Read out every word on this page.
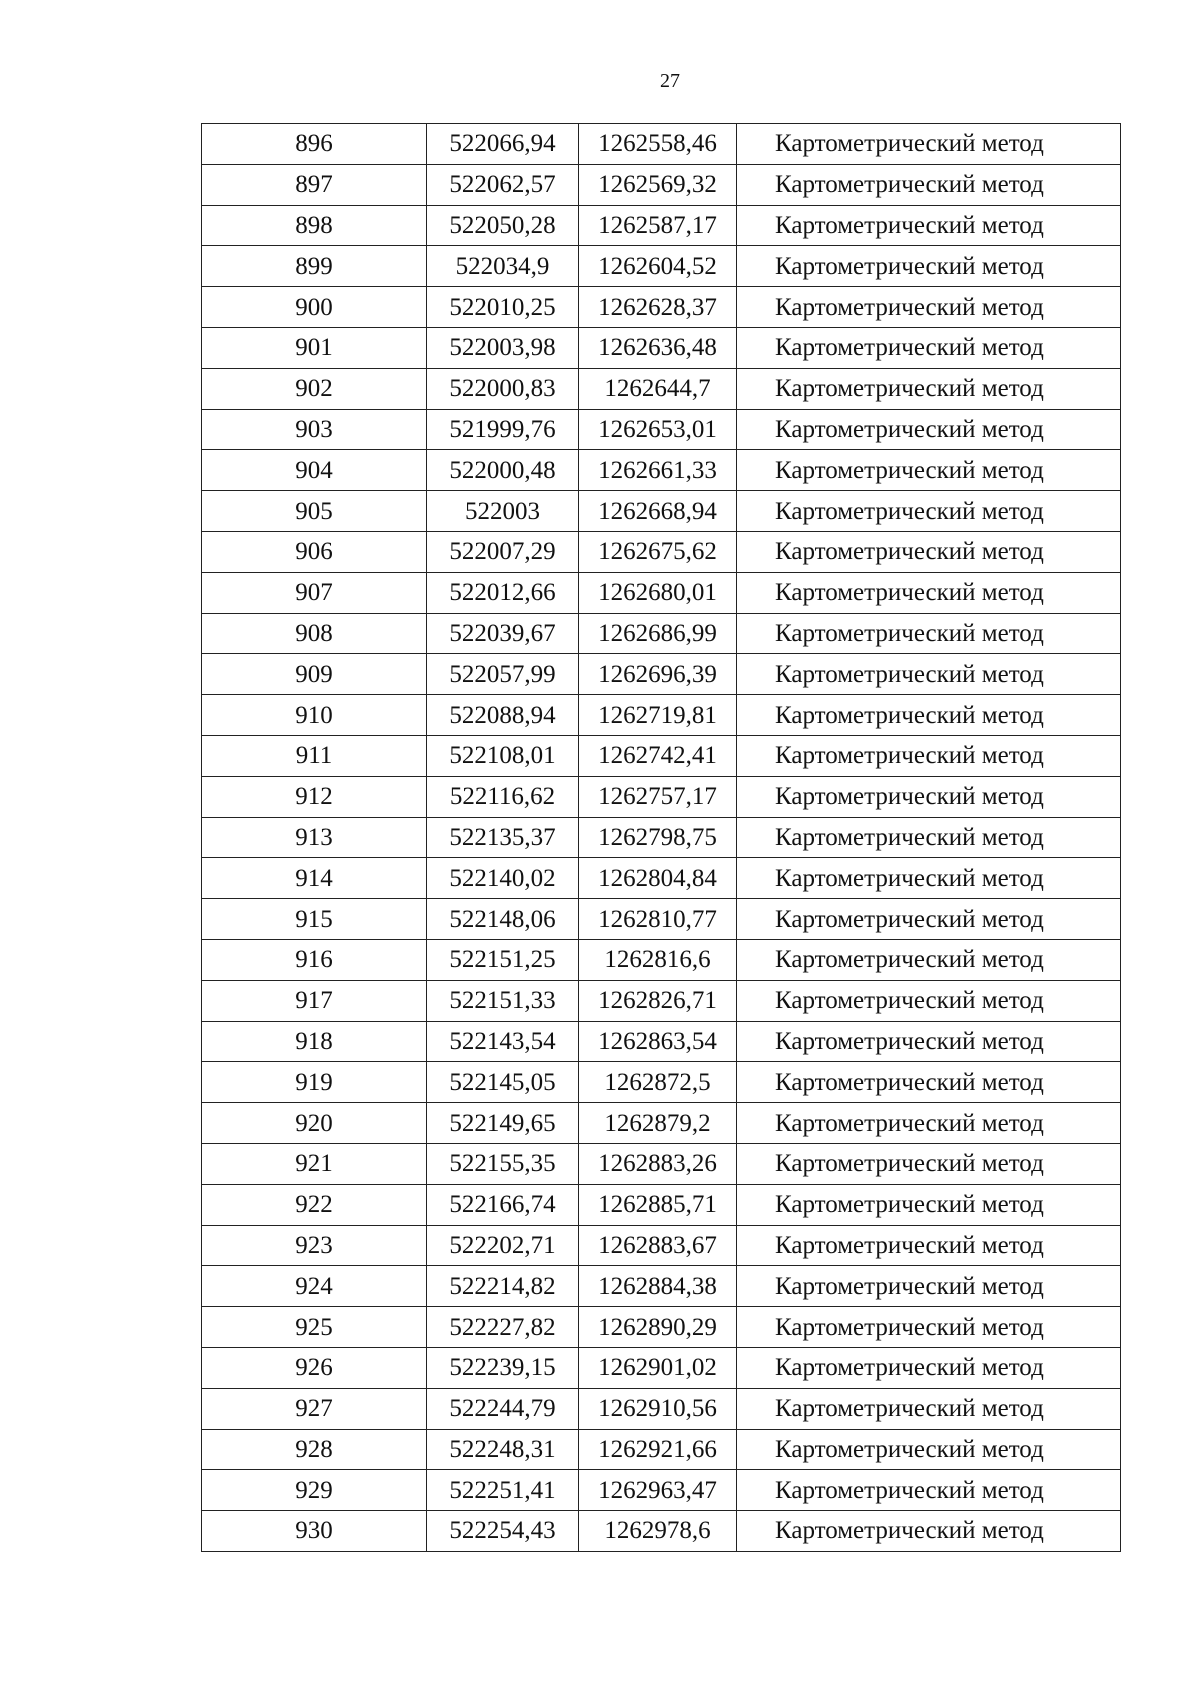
27
896	522066,94	1262558,46	Картометрический метод
897	522062,57	1262569,32	Картометрический метод
898	522050,28	1262587,17	Картометрический метод
899	522034,9	1262604,52	Картометрический метод
900	522010,25	1262628,37	Картометрический метод
901	522003,98	1262636,48	Картометрический метод
902	522000,83	1262644,7	Картометрический метод
903	521999,76	1262653,01	Картометрический метод
904	522000,48	1262661,33	Картометрический метод
905	522003	1262668,94	Картометрический метод
906	522007,29	1262675,62	Картометрический метод
907	522012,66	1262680,01	Картометрический метод
908	522039,67	1262686,99	Картометрический метод
909	522057,99	1262696,39	Картометрический метод
910	522088,94	1262719,81	Картометрический метод
911	522108,01	1262742,41	Картометрический метод
912	522116,62	1262757,17	Картометрический метод
913	522135,37	1262798,75	Картометрический метод
914	522140,02	1262804,84	Картометрический метод
915	522148,06	1262810,77	Картометрический метод
916	522151,25	1262816,6	Картометрический метод
917	522151,33	1262826,71	Картометрический метод
918	522143,54	1262863,54	Картометрический метод
919	522145,05	1262872,5	Картометрический метод
920	522149,65	1262879,2	Картометрический метод
921	522155,35	1262883,26	Картометрический метод
922	522166,74	1262885,71	Картометрический метод
923	522202,71	1262883,67	Картометрический метод
924	522214,82	1262884,38	Картометрический метод
925	522227,82	1262890,29	Картометрический метод
926	522239,15	1262901,02	Картометрический метод
927	522244,79	1262910,56	Картометрический метод
928	522248,31	1262921,66	Картометрический метод
929	522251,41	1262963,47	Картометрический метод
930	522254,43	1262978,6	Картометрический метод
